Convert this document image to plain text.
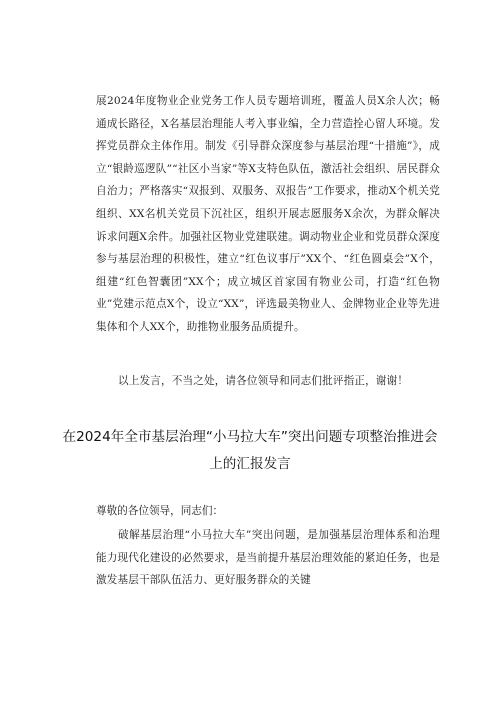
展2024年度物业企业党务工作人员专题培训班，覆盖人员X余人次；畅通成长路径，X名基层治理能人考入事业编，全力营造拴心留人环境。发挥党员群众主体作用。制发《引导群众深度参与基层治理“十措施”》，成立“银龄巡逻队”“社区小当家”等X支特色队伍，激活社会组织、居民群众自治力；严格落实“双报到、双服务、双报告”工作要求，推动X个机关党组织、XX名机关党员下沉社区，组织开展志愿服务X余次，为群众解决诉求问题X余件。加强社区物业党建联建。调动物业企业和党员群众深度参与基层治理的积极性，建立“红色议事厅”XX个、“红色圆桌会”X个，组建“红色智囊团”XX个；成立城区首家国有物业公司，打造“红色物业”党建示范点X个，设立“XX”，评选最美物业人、金牌物业企业等先进集体和个人XX个，助推物业服务品质提升。

以上发言，不当之处，请各位领导和同志们批评指正，谢谢！

在2024年全市基层治理“小马拉大车”突出问题专项整治推进会上的汇报发言

尊敬的各位领导，同志们：

破解基层治理“小马拉大车”突出问题，是加强基层治理体系和治理能力现代化建设的必然要求，是当前提升基层治理效能的紧迫任务，也是激发基层干部队伍活力、更好服务群众的关键
